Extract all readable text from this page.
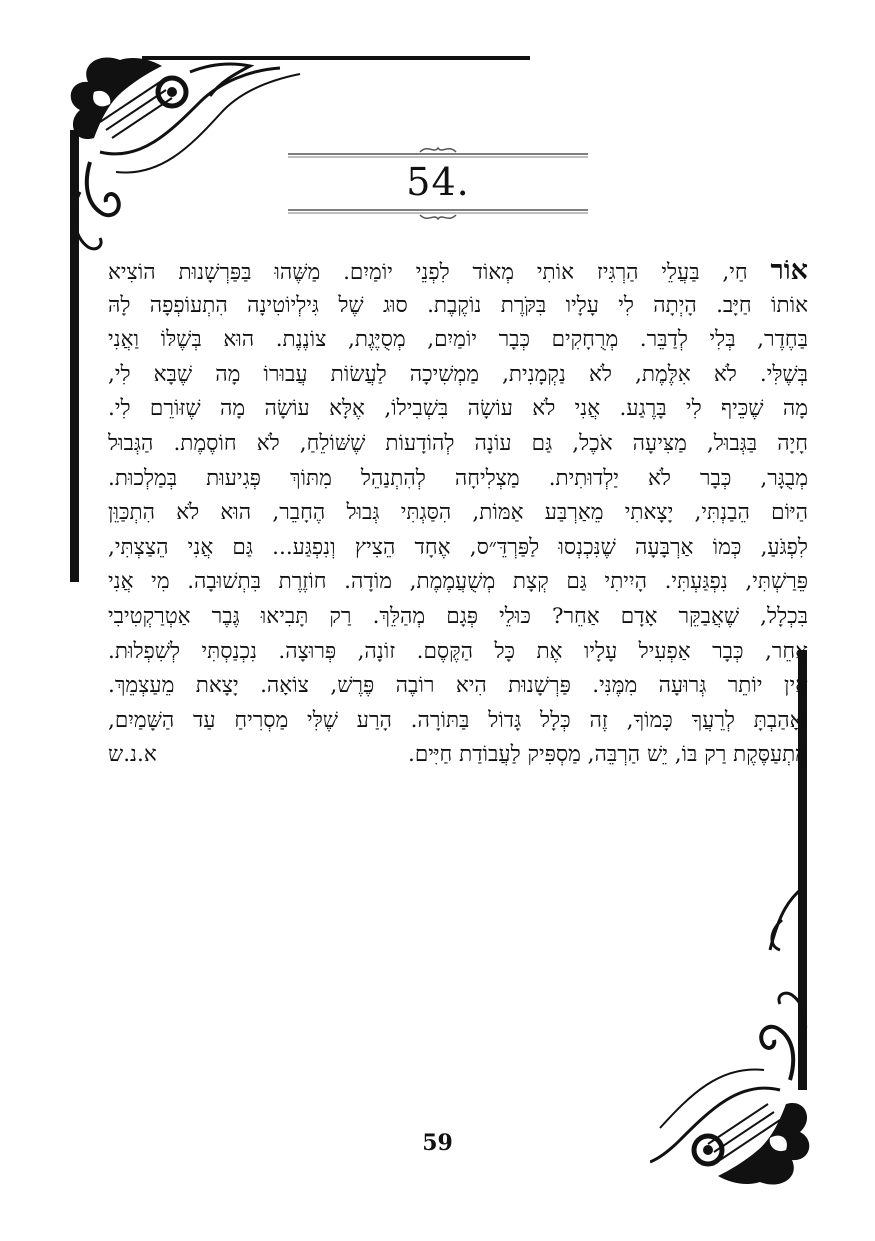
54.
אוֹר חַי, בַּעֲלֵי הַרְגִּיז אוֹתִי מְאוֹד לִפְנֵי יוֹמַיִם. מַשֶּׁהוּ בַּפַּרְשָׁנוּת הוֹצִיא
אוֹתוֹ חַיָּב. הָיְתָה לִי עָלָיו בִּקֹּרֶת נוֹקֶבֶת. סוּג שֶׁל גִּילְיוֹטִינָה הִתְעוֹפְפָה לָהּ
בַּחֶדֶר, בְּלִי לְדַבֵּר. מְרֻחָקִים כְּבָר יוֹמַיִם, מְסֻיֶּגֶת, צוֹנֶנֶת. הוּא בְּשֶׁלּוֹ וַאֲנִי
בְּשֶׁלִּי. לֹא אִלֶּמֶת, לֹא נַקְמָנִית, מַמְשִׁיכָה לַעֲשׂוֹת עֲבוּרוֹ מָה שֶׁבָּא לִי,
מָה שֶׁכֵּיף לִי בָּרֶגַע. אֲנִי לֹא עוֹשָׂה בִּשְׁבִילוֹ, אֶלָּא עוֹשָׂה מָה שֶׁזּוֹרֵם לִי.
חָיָה בַּגְּבוּל, מַצִּיעָה אֹכֶל, גַּם עוֹנָה לְהוֹדָעוֹת שֶׁשּׁוֹלֵחַ, לֹא חוֹסֶמֶת. הַגְּבוּל
מְבֻגָּר, כְּבָר לֹא יַלְדוּתִית. מַצְלִיחָה לְהִתְנַהֵל מִתּוֹךְ פְּגִיעוּת בְּמַלְכוּת.
הַיּוֹם הֵבַנְתִּי, יָצָאתִי מֵאַרְבַּע אַמּוֹת, הִסַּגְתִּי גְּבוּל הֶחָבֵר, הוּא לֹא הִתְכַּוֵּן
לִפְגֹּעַ, כְּמוֹ אַרְבָּעָה שֶׁנִּכְנְסוּ לַפַּרְדֵּ״ס, אֶחָד הֵצִיץ וְנִפְגַּע... גַּם אֲנִי הֵצַצְתִּי,
פֵּרַשְׁתִּי, נִפְגַּעְתִּי. הָיִיתִי גַּם קְצָת מְשֻׁעֲמֶמֶת, מוֹדָה. חוֹזֶרֶת בִּתְשׁוּבָה. מִי אֲנִי
בִּכְלָל, שֶׁאֲבַקֵּר אָדָם אַחֵר? כּוּלֵי פְּגָם מְהַלֵּךְ. רַק תָּבִיאוּ גֶּבֶר אַטְרַקְטִיבִי
אַחֵר, כְּבָר אַפְעִיל עָלָיו אֶת כָּל הַקֶּסֶם. זוֹנָה, פְּרוּצָה. נִכְנַסְתִּי לְשִׁפְלוּת.
אֵין יוֹתֵר גְּרוּעָה מִמֶּנִּי. פַּרְשָׁנוּת הִיא רוֹבֶה פֶּרֶשׁ, צוֹאָה. יָצָאת מֵעַצְמֵךְ.
וְאָהַבְתָּ לְרֵעֲךָ כָּמוֹךָ, זֶה כְּלָל גָּדוֹל בַּתּוֹרָה. הָרַע שֶׁלִּי מַסְרִיחַ עַד הַשָּׁמַיִם,
מִתְעַסֶּקֶת רַק בּוֹ, יֵשׁ הַרְבֵּה, מַסְפִּיק לַעֲבוֹדַת חַיִּים.
א.נ.ש
59
